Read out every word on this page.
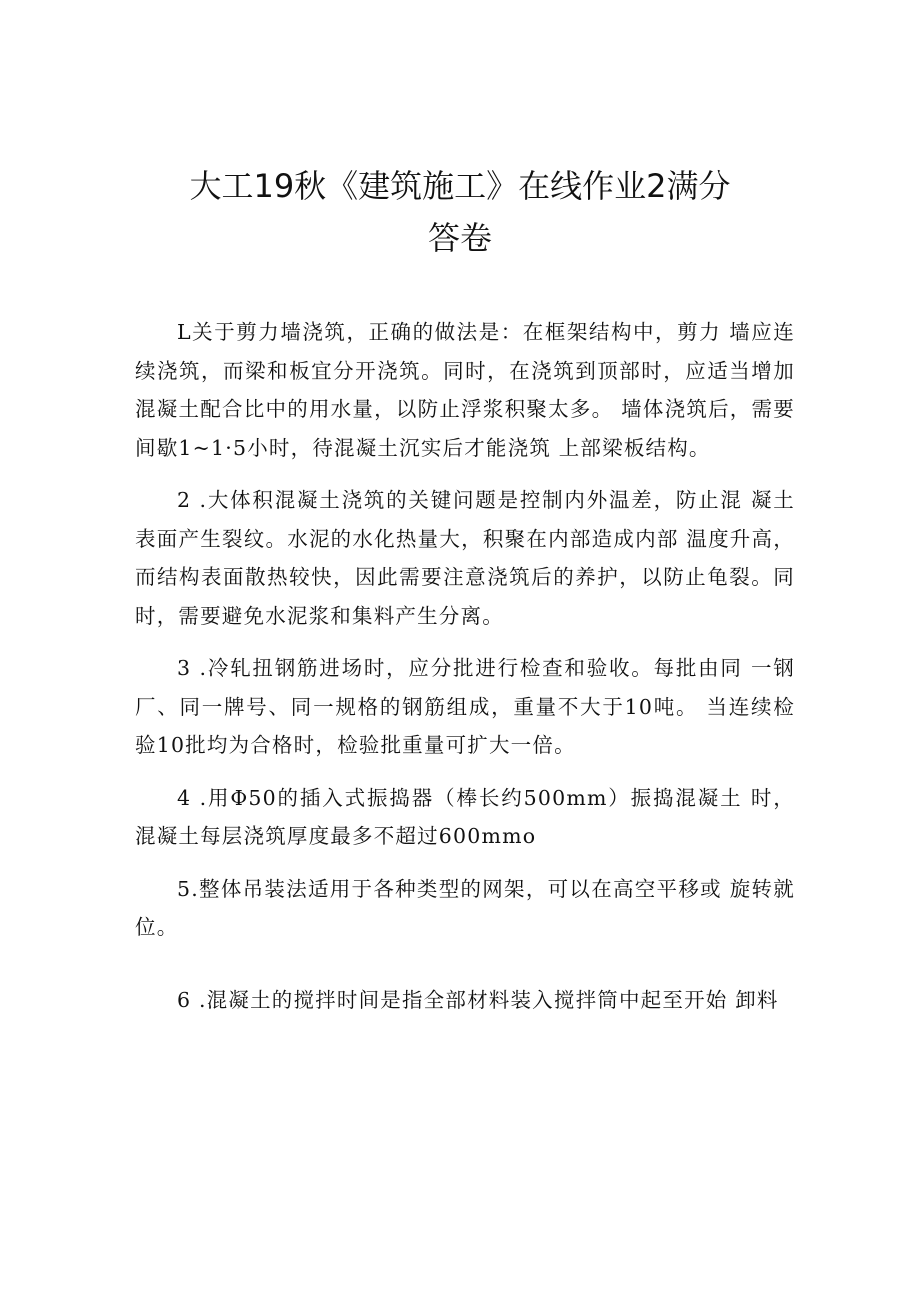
大工19秋《建筑施工》在线作业2满分
答卷

L关于剪力墙浇筑，正确的做法是：在框架结构中，剪力 墙应连续浇筑，而梁和板宜分开浇筑。同时，在浇筑到顶部时，应适当增加混凝土配合比中的用水量，以防止浮浆积聚太多。 墙体浇筑后，需要间歇1~1·5小时，待混凝土沉实后才能浇筑 上部梁板结构。

2 .大体积混凝土浇筑的关键问题是控制内外温差，防止混 凝土表面产生裂纹。水泥的水化热量大，积聚在内部造成内部 温度升高，而结构表面散热较快，因此需要注意浇筑后的养护，以防止龟裂。同时，需要避免水泥浆和集料产生分离。

3 .冷轧扭钢筋进场时，应分批进行检查和验收。每批由同 一钢厂、同一牌号、同一规格的钢筋组成，重量不大于10吨。 当连续检验10批均为合格时，检验批重量可扩大一倍。

4 .用Φ50的插入式振捣器（棒长约500mm）振捣混凝土 时，混凝土每层浇筑厚度最多不超过600mmo

5.整体吊装法适用于各种类型的网架，可以在高空平移或 旋转就位。

6 .混凝土的搅拌时间是指全部材料装入搅拌筒中起至开始 卸料
